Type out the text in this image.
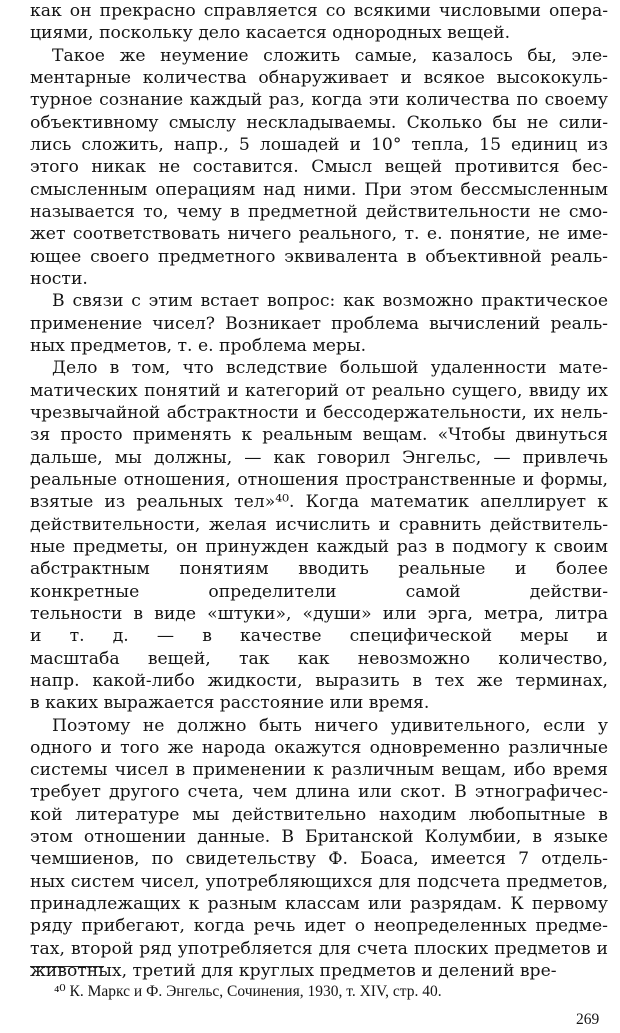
как он прекрасно справляется со всякими числовыми опера-
циями, поскольку дело касается однородных вещей.

Такое же неумение сложить самые, казалось бы, эле-
ментарные количества обнаруживает и всякое высококуль-
турное сознание каждый раз, когда эти количества по своему
объективному смыслу нескладываемы. Сколько бы не сили-
лись сложить, напр., 5 лошадей и 10° тепла, 15 единиц из
этого никак не составится. Смысл вещей противится бес-
смысленным операциям над ними. При этом бессмысленным
называется то, чему в предметной действительности не смо-
жет соответствовать ничего реального, т. е. понятие, не име-
ющее своего предметного эквивалента в объективной реаль-
ности.

В связи с этим встает вопрос: как возможно практическое
применение чисел? Возникает проблема вычислений реаль-
ных предметов, т. е. проблема меры.

Дело в том, что вследствие большой удаленности мате-
матических понятий и категорий от реально сущего, ввиду их
чрезвычайной абстрактности и бессодержательности, их нель-
зя просто применять к реальным вещам. «Чтобы двинуться
дальше, мы должны, — как говорил Энгельс, — привлечь
реальные отношения, отношения пространственные и формы,
взятые из реальных тел»⁴⁰. Когда математик апеллирует к
действительности, желая исчислить и сравнить действитель-
ные предметы, он принужден каждый раз в подмогу к своим
абстрактным понятиям вводить реальные и более
конкретные определители самой действи-
тельности в виде «штуки», «души» или эрга, метра, литра
и т. д. — в качестве специфической меры и
масштаба вещей, так как невозможно количество,
напр. какой-либо жидкости, выразить в тех же терминах,
в каких выражается расстояние или время.

Поэтому не должно быть ничего удивительного, если у
одного и того же народа окажутся одновременно различные
системы чисел в применении к различным вещам, ибо время
требует другого счета, чем длина или скот. В этнографичес-
кой литературе мы действительно находим любопытные в
этом отношении данные. В Британской Колумбии, в языке
чемшиенов, по свидетельству Ф. Боаса, имеется 7 отдель-
ных систем чисел, употребляющихся для подсчета предметов,
принадлежащих к разным классам или разрядам. К первому
ряду прибегают, когда речь идет о неопределенных предме-
тах, второй ряд употребляется для счета плоских предметов и
животных, третий для круглых предметов и делений вре-

⁴⁰ К. Маркс и Ф. Энгельс, Сочинения, 1930, т. XIV, стр. 40.
269
